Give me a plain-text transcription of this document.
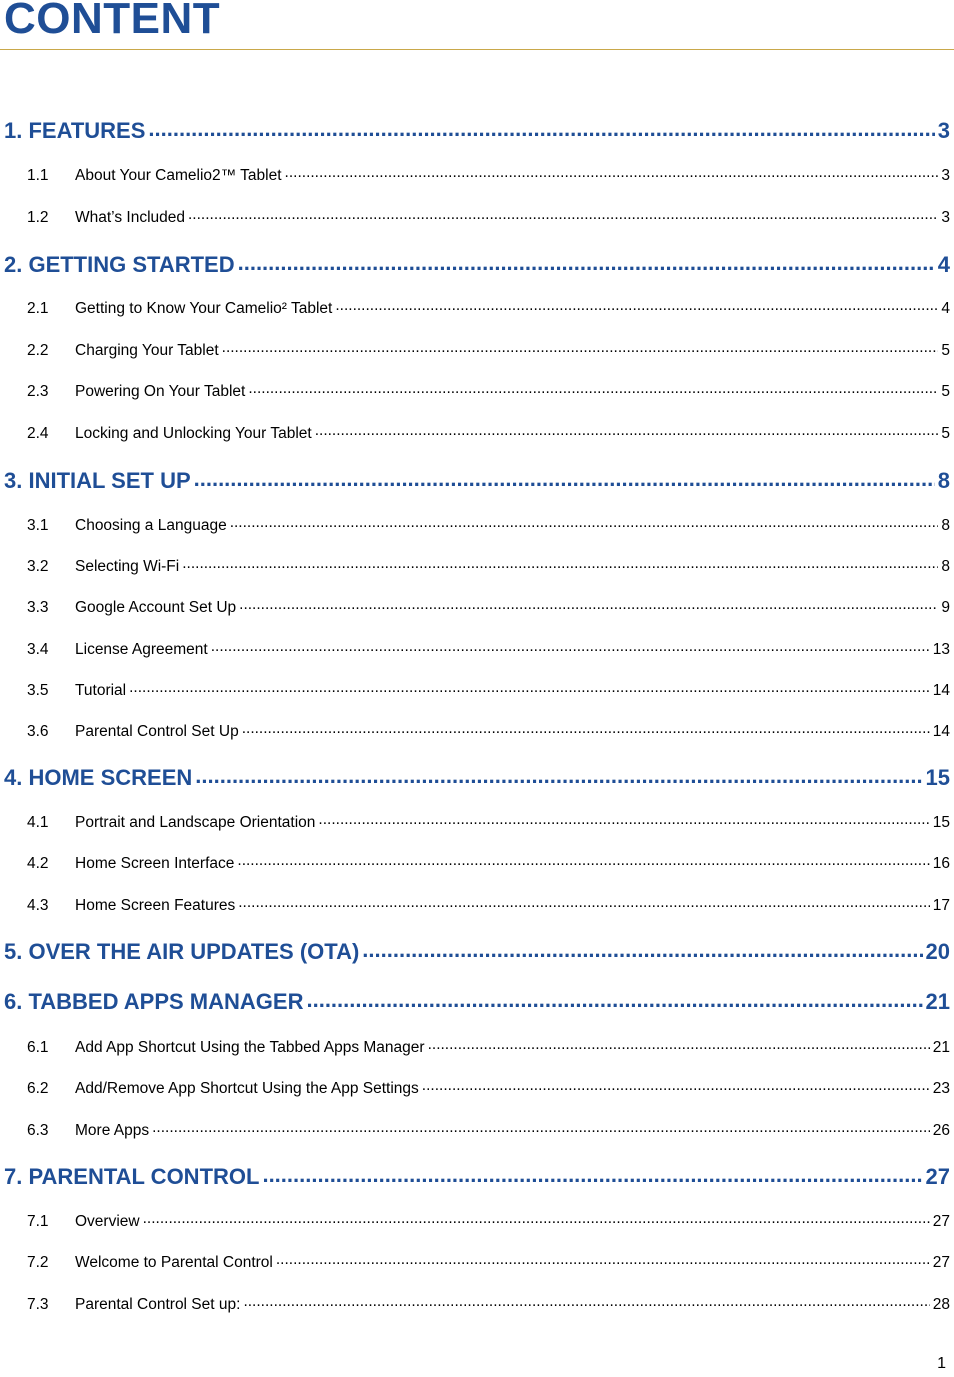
CONTENT
1. FEATURES .....	3
1.1	About Your Camelio2™ Tablet .....	3
1.2	What’s Included .....	3
2. GETTING STARTED .....	4
2.1	Getting to Know Your Camelio² Tablet .....	4
2.2	Charging Your Tablet .....	5
2.3	Powering On Your Tablet .....	5
2.4	Locking and Unlocking Your Tablet .....	5
3. INITIAL SET UP .....	8
3.1	Choosing a Language .....	8
3.2	Selecting Wi-Fi .....	8
3.3	Google Account Set Up .....	9
3.4	License Agreement .....	13
3.5	Tutorial .....	14
3.6	Parental Control Set Up .....	14
4. HOME SCREEN .....	15
4.1	Portrait and Landscape Orientation .....	15
4.2	Home Screen Interface .....	16
4.3	Home Screen Features .....	17
5. OVER THE AIR UPDATES (OTA) .....	20
6. TABBED APPS MANAGER .....	21
6.1	Add App Shortcut Using the Tabbed Apps Manager .....	21
6.2	Add/Remove App Shortcut Using the App Settings .....	23
6.3	More Apps .....	26
7. PARENTAL CONTROL .....	27
7.1	Overview .....	27
7.2	Welcome to Parental Control .....	27
7.3	Parental Control Set up: .....	28
1
